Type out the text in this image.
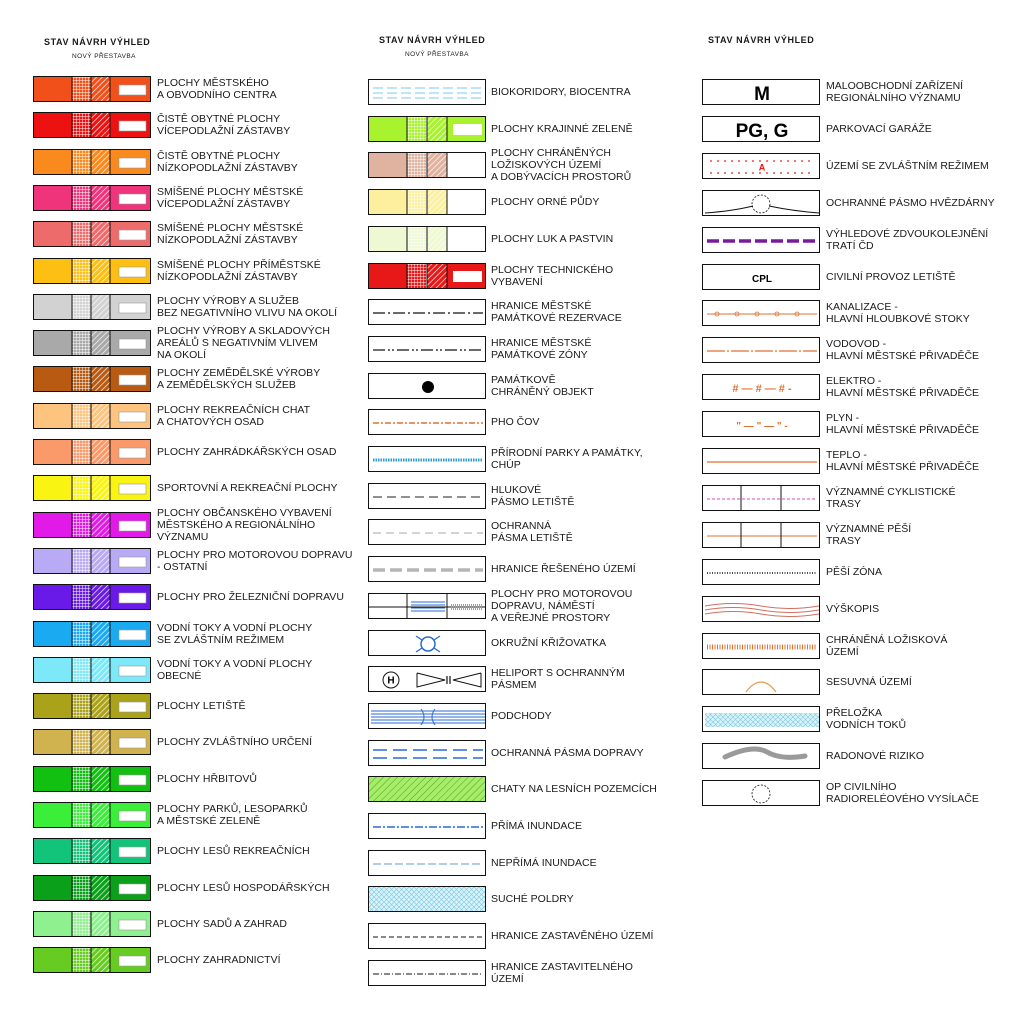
STAV NÁVRH VÝHLED
NOVÝ PŘESTAVBA
STAV NÁVRH VÝHLED
NOVÝ PŘESTAVBA
STAV NÁVRH VÝHLED
PLOCHY MĚSTSKÉHO
A OBVODNÍHO CENTRA
ČISTĚ OBYTNÉ PLOCHY
VÍCEPODLAŽNÍ ZÁSTAVBY
ČISTĚ OBYTNÉ PLOCHY
NÍZKOPODLAŽNÍ ZÁSTAVBY
SMÍŠENÉ PLOCHY MĚSTSKÉ
VÍCEPODLAŽNÍ ZÁSTAVBY
SMÍŠENÉ PLOCHY MĚSTSKÉ
NÍZKOPODLAŽNÍ ZÁSTAVBY
SMÍŠENÉ PLOCHY PŘÍMĚSTSKÉ
NÍZKOPODLAŽNÍ ZÁSTAVBY
PLOCHY VÝROBY A SLUŽEB
BEZ NEGATIVNÍHO VLIVU NA OKOLÍ
PLOCHY VÝROBY A SKLADOVÝCH
AREÁLŮ S NEGATIVNÍM VLIVEM
NA OKOLÍ
PLOCHY ZEMĚDĚLSKÉ VÝROBY
A ZEMĚDĚLSKÝCH SLUŽEB
PLOCHY REKREAČNÍCH CHAT
A CHATOVÝCH OSAD
PLOCHY ZAHRÁDKÁŘSKÝCH OSAD
SPORTOVNÍ A REKREAČNÍ PLOCHY
PLOCHY OBČANSKÉHO VYBAVENÍ
MĚSTSKÉHO A REGIONÁLNÍHO
VÝZNAMU
PLOCHY PRO MOTOROVOU DOPRAVU
- OSTATNÍ
PLOCHY PRO ŽELEZNIČNÍ DOPRAVU
VODNÍ TOKY A VODNÍ PLOCHY
SE ZVLÁŠTNÍM REŽIMEM
VODNÍ TOKY A VODNÍ PLOCHY
OBECNÉ
PLOCHY LETIŠTĚ
PLOCHY ZVLÁŠTNÍHO URČENÍ
PLOCHY HŘBITOVŮ
PLOCHY PARKŮ, LESOPARKŮ
A MĚSTSKÉ ZELENĚ
PLOCHY LESŮ REKREAČNÍCH
PLOCHY LESŮ HOSPODÁŘSKÝCH
PLOCHY SADŮ A ZAHRAD
PLOCHY ZAHRADNICTVÍ
BIOKORIDORY, BIOCENTRA
PLOCHY KRAJINNÉ ZELENĚ
PLOCHY CHRÁNĚNÝCH
LOŽISKOVÝCH ÚZEMÍ
A DOBÝVACÍCH PROSTORŮ
PLOCHY ORNÉ PŮDY
PLOCHY LUK A PASTVIN
PLOCHY TECHNICKÉHO
VYBAVENÍ
HRANICE MĚSTSKÉ
PAMÁTKOVÉ REZERVACE
HRANICE MĚSTSKÉ
PAMÁTKOVÉ ZÓNY
PAMÁTKOVĚ
CHRÁNĚNÝ OBJEKT
PHO ČOV
PŘÍRODNÍ PARKY A PAMÁTKY,
CHÚP
HLUKOVÉ
PÁSMO LETIŠTĚ
OCHRANNÁ
PÁSMA LETIŠTĚ
HRANICE ŘEŠENÉHO ÚZEMÍ
PLOCHY PRO MOTOROVOU
DOPRAVU, NÁMĚSTÍ
A VEŘEJNÉ PROSTORY
OKRUŽNÍ KŘIŽOVATKA
H
HELIPORT S OCHRANNÝM
PÁSMEM
PODCHODY
OCHRANNÁ PÁSMA DOPRAVY
CHATY NA LESNÍCH POZEMCÍCH
PŘÍMÁ INUNDACE
NEPŘÍMÁ INUNDACE
SUCHÉ POLDRY
HRANICE ZASTAVĚNÉHO ÚZEMÍ
HRANICE ZASTAVITELNÉHO
ÚZEMÍ
M	MALOOBCHODNÍ ZAŘÍZENÍ
REGIONÁLNÍHO VÝZNAMU
PG, G	PARKOVACÍ GARÁŽE
A	ÚZEMÍ SE ZVLÁŠTNÍM REŽIMEM
OCHRANNÉ PÁSMO HVĚZDÁRNY
VÝHLEDOVÉ ZDVOUKOLEJNĚNÍ
TRATÍ ČD
CPL	CIVILNÍ PROVOZ LETIŠTĚ
KANALIZACE -
HLAVNÍ HLOUBKOVÉ STOKY
VODOVOD -
HLAVNÍ MĚSTSKÉ PŘIVADĚČE
# — # — # -
ELEKTRO -
HLAVNÍ MĚSTSKÉ PŘIVADĚČE
" — " — " -
PLYN -
HLAVNÍ MĚSTSKÉ PŘIVADĚČE
TEPLO -
HLAVNÍ MĚSTSKÉ PŘIVADĚČE
VÝZNAMNÉ CYKLISTICKÉ
TRASY
VÝZNAMNÉ PĚŠÍ
TRASY
PĚŠÍ ZÓNA
VÝŠKOPIS
CHRÁNĚNÁ LOŽISKOVÁ
ÚZEMÍ
SESUVNÁ ÚZEMÍ
PŘELOŽKA
VODNÍCH TOKŮ
RADONOVÉ RIZIKO
OP CIVILNÍHO
RADIORELÉOVÉHO VYSÍLAČE
